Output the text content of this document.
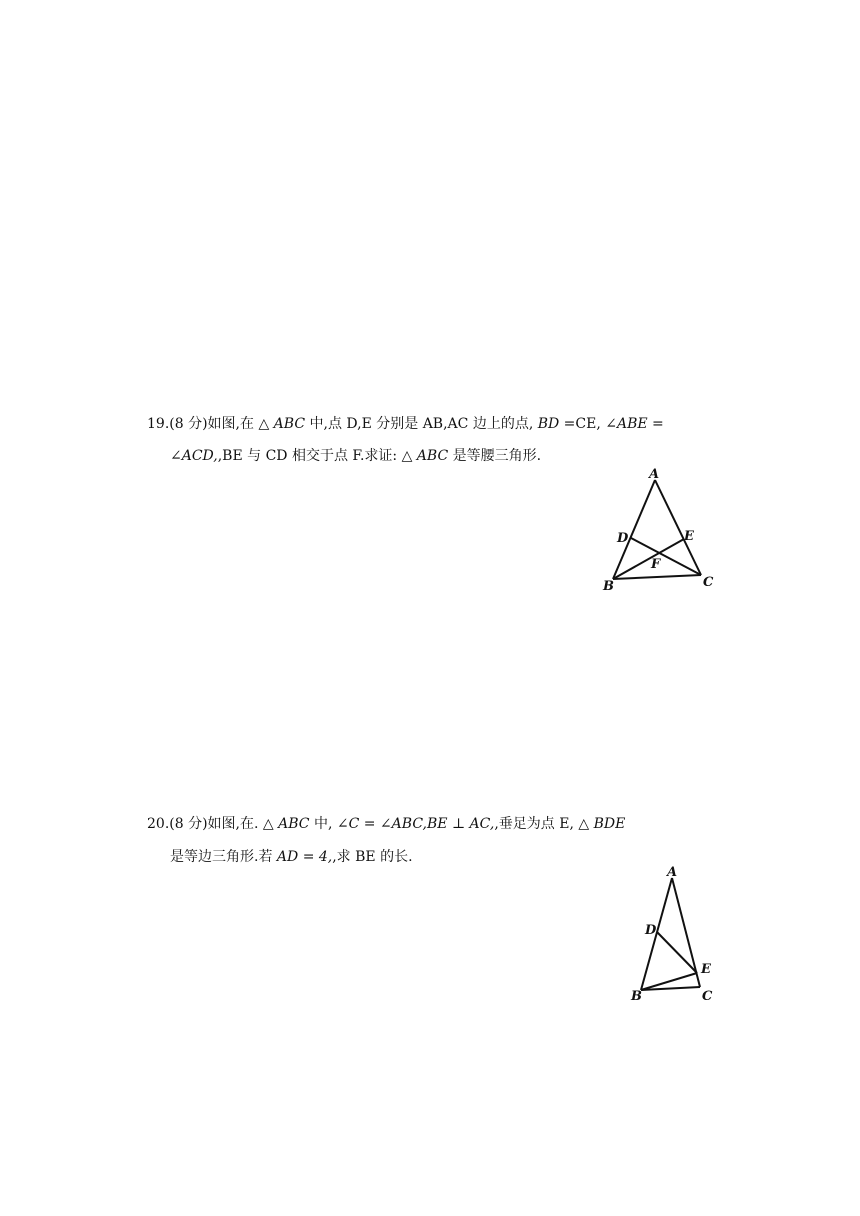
19.(8 分)如图,在 △ ABC 中,点 D,E 分别是 AB,AC 边上的点, BD =CE, ∠ABE =
∠ACD,,BE 与 CD 相交于点 F.求证: △ ABC 是等腰三角形.
A
B	C
D	E
F
20.(8 分)如图,在. △ ABC 中, ∠C = ∠ABC,BE ⊥ AC,,垂足为点 E, △ BDE
是等边三角形.若 AD = 4,,求 BE 的长.
A
B	C
D
E
